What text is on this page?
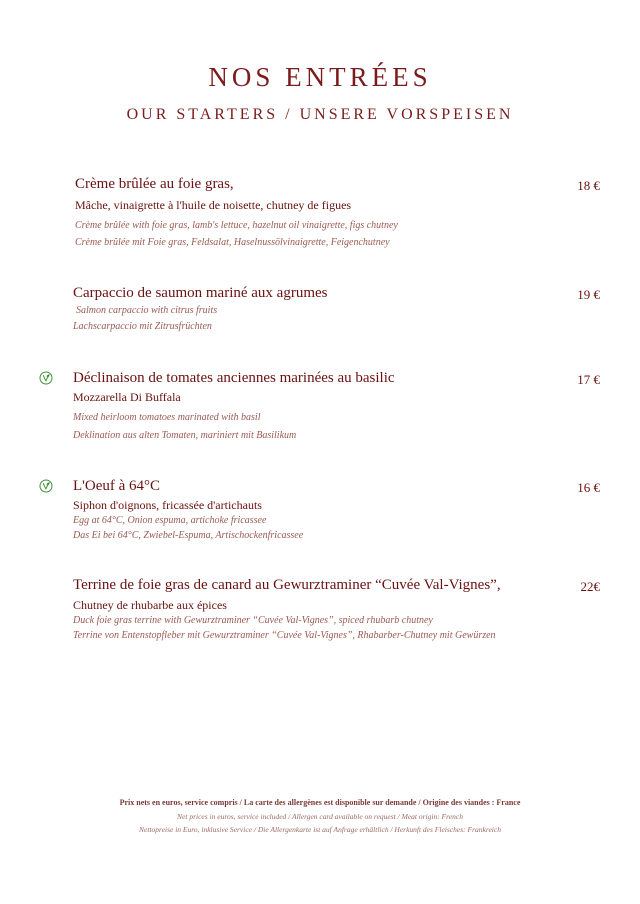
NOS ENTRÉES
OUR STARTERS / UNSERE VORSPEISEN
Crème brûlée au foie gras,
Mâche, vinaigrette à l'huile de noisette, chutney de figues
Crème brûlée with foie gras, lamb's lettuce, hazelnut oil vinaigrette, figs chutney
Crème brûlée mit Foie gras, Feldsalat, Haselnussölvinaigrette, Feigenchutney
18 €
Carpaccio de saumon mariné aux agrumes
Salmon carpaccio with citrus fruits
Lachscarpaccio mit Zitrusfrüchten
19 €
Déclinaison de tomates anciennes marinées au basilic
Mozzarella Di Buffala
Mixed heirloom tomatoes marinated with basil
Deklination aus alten Tomaten, mariniert mit Basilikum
17 €
L'Oeuf à 64°C
Siphon d'oignons, fricassée d'artichauts
Egg at 64°C, Onion espuma, artichoke fricassee
Das Ei bei 64°C, Zwiebel-Espuma, Artischockenfricassee
16 €
Terrine de foie gras de canard au Gewurztraminer “Cuvée Val-Vignes”,
Chutney de rhubarbe aux épices
Duck foie gras terrine with Gewurztraminer “Cuvée Val-Vignes”, spiced rhubarb chutney
Terrine von Entenstopfleber mit Gewurztraminer “Cuvée Val-Vignes”, Rhabarber-Chutney mit Gewürzen
22€
Prix nets en euros, service compris / La carte des allergènes est disponible sur demande / Origine des viandes : France
Net prices in euros, service included / Allergen card available on request / Meat origin: French
Nettopreise in Euro, inklusive Service / Die Allergenkarte ist auf Anfrage erhältlich / Herkunft des Fleisches: Frankreich
